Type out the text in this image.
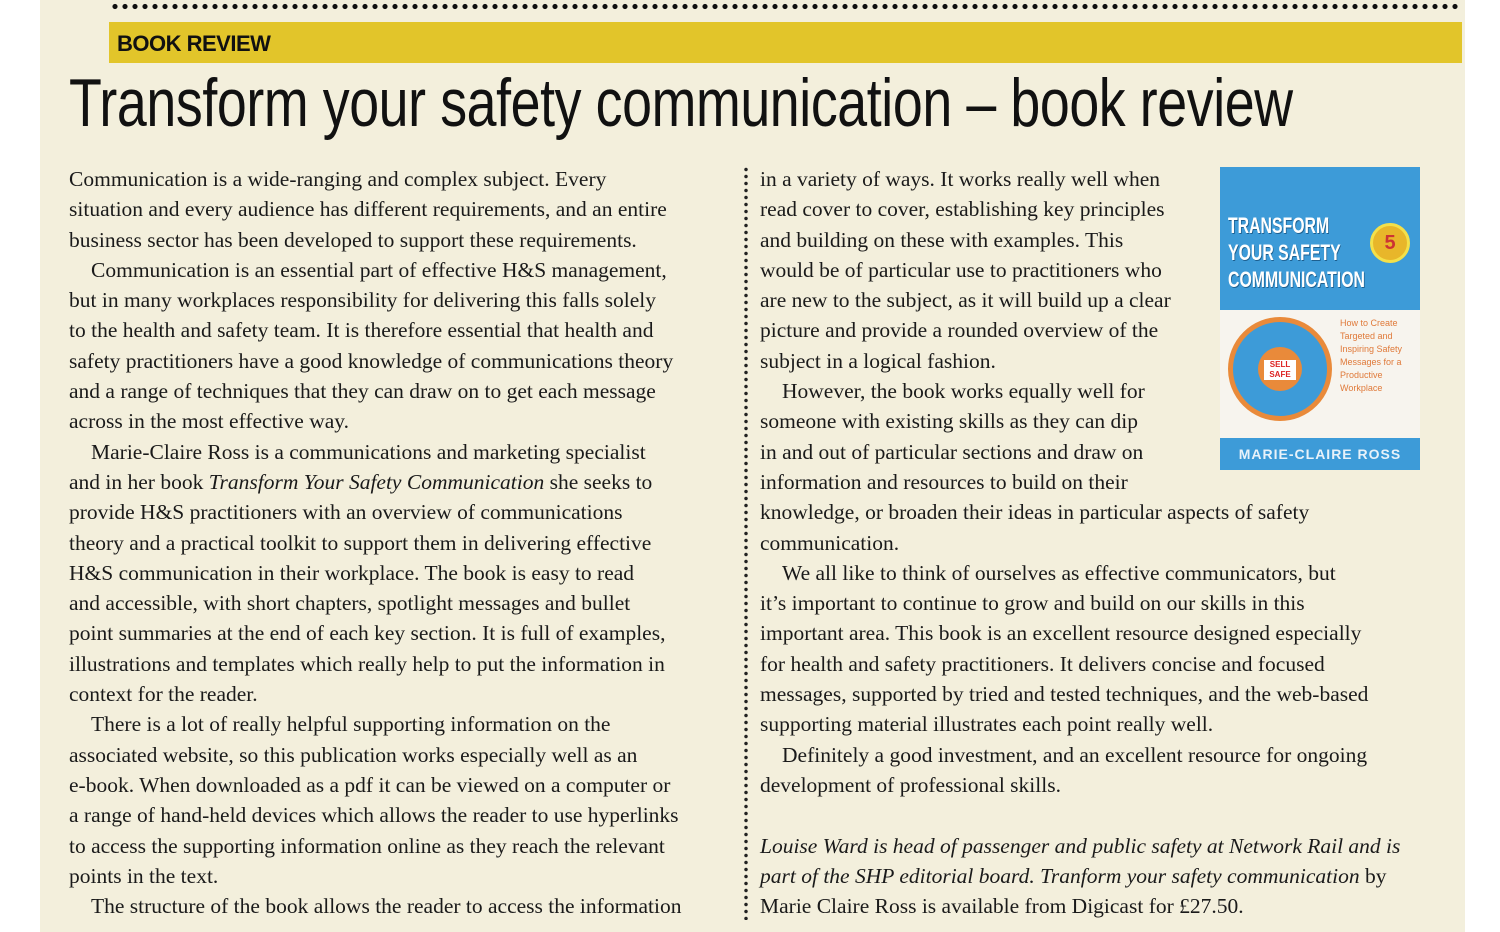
BOOK REVIEW
Transform your safety communication – book review
Communication is a wide-ranging and complex subject. Every
situation and every audience has different requirements, and an entire
business sector has been developed to support these requirements.
Communication is an essential part of effective H&S management,
but in many workplaces responsibility for delivering this falls solely
to the health and safety team. It is therefore essential that health and
safety practitioners have a good knowledge of communications theory
and a range of techniques that they can draw on to get each message
across in the most effective way.
Marie-Claire Ross is a communications and marketing specialist
and in her book Transform Your Safety Communication she seeks to
provide H&S practitioners with an overview of communications
theory and a practical toolkit to support them in delivering effective
H&S communication in their workplace. The book is easy to read
and accessible, with short chapters, spotlight messages and bullet
point summaries at the end of each key section. It is full of examples,
illustrations and templates which really help to put the information in
context for the reader.
There is a lot of really helpful supporting information on the
associated website, so this publication works especially well as an
e-book. When downloaded as a pdf it can be viewed on a computer or
a range of hand-held devices which allows the reader to use hyperlinks
to access the supporting information online as they reach the relevant
points in the text.
The structure of the book allows the reader to access the information
in a variety of ways. It works really well when
read cover to cover, establishing key principles
and building on these with examples. This
would be of particular use to practitioners who
are new to the subject, as it will build up a clear
picture and provide a rounded overview of the
subject in a logical fashion.
However, the book works equally well for
someone with existing skills as they can dip
in and out of particular sections and draw on
information and resources to build on their
knowledge, or broaden their ideas in particular aspects of safety
communication.
We all like to think of ourselves as effective communicators, but
it’s important to continue to grow and build on our skills in this
important area. This book is an excellent resource designed especially
for health and safety practitioners. It delivers concise and focused
messages, supported by tried and tested techniques, and the web-based
supporting material illustrates each point really well.
Definitely a good investment, and an excellent resource for ongoing
development of professional skills.
Louise Ward is head of passenger and public safety at Network Rail and is
part of the SHP editorial board. Tranform your safety communication by
Marie Claire Ross is available from Digicast for £27.50.
TRANSFORM
YOUR SAFETY
COMMUNICATION
5
SELL SAFE
How to Create Targeted and Inspiring Safety Messages for a Productive Workplace
MARIE-CLAIRE ROSS
